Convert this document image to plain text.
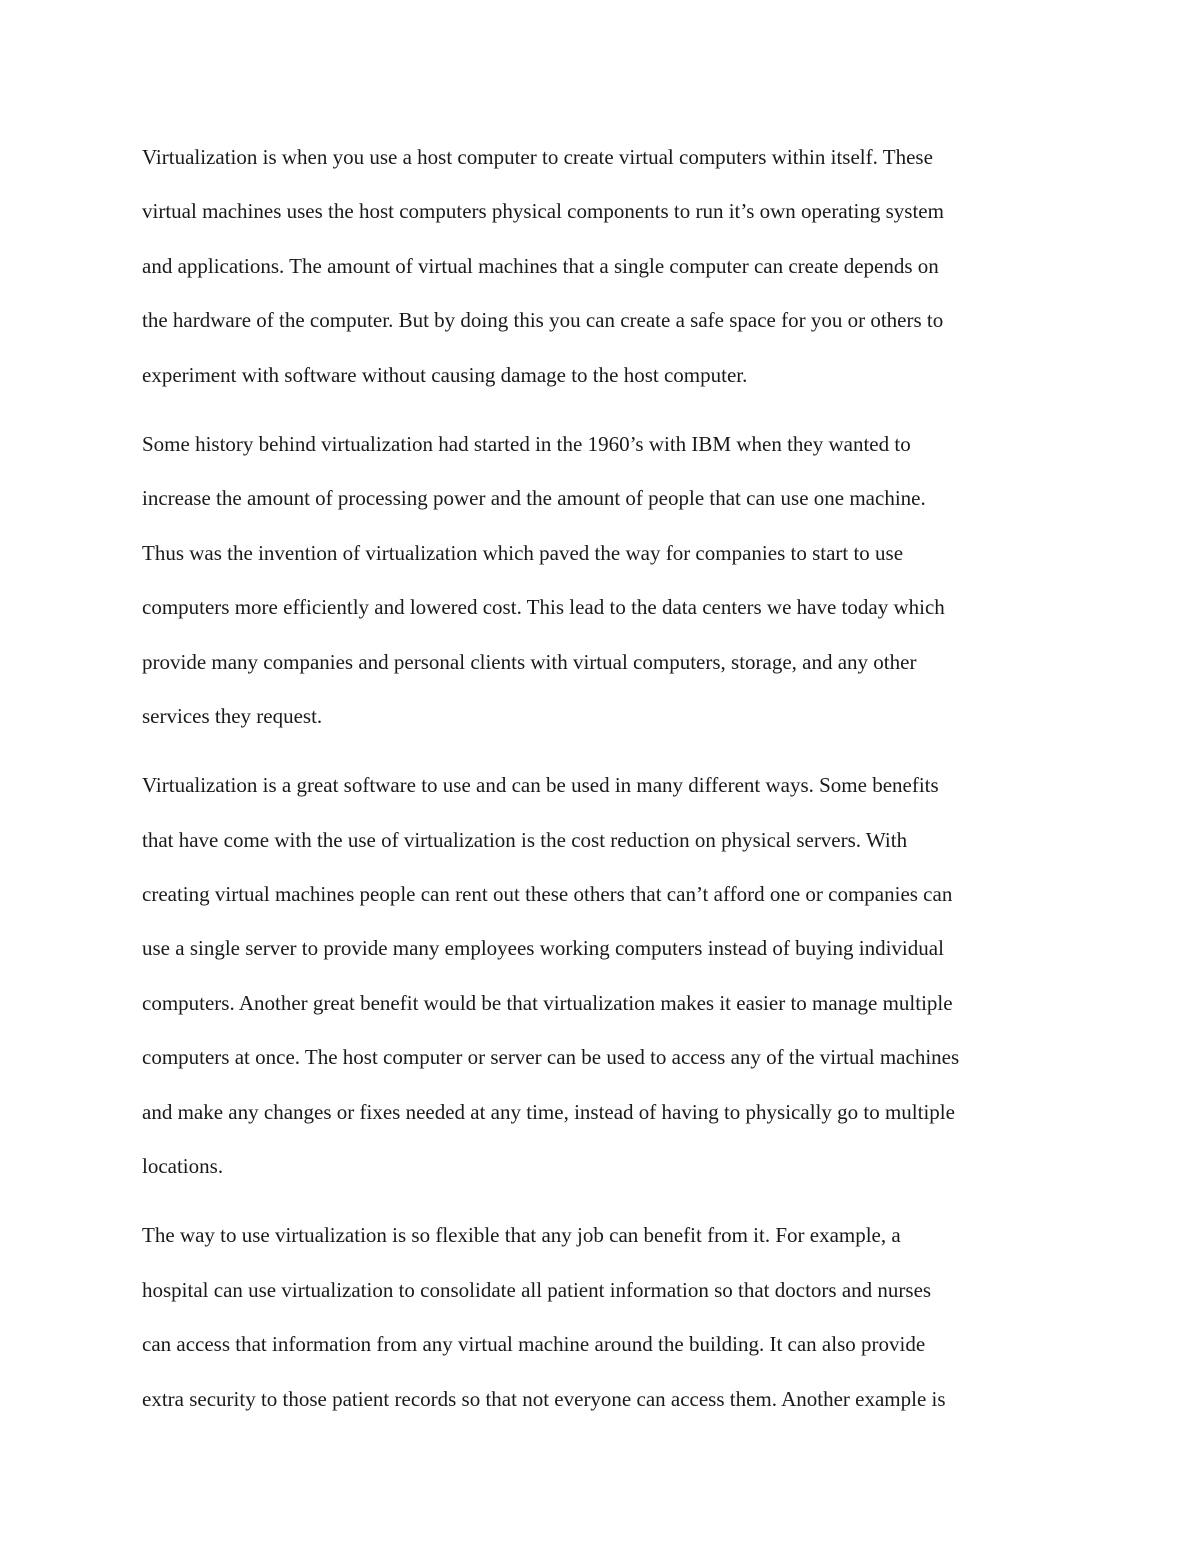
Virtualization is when you use a host computer to create virtual computers within itself. These
virtual machines uses the host computers physical components to run it’s own operating system
and applications. The amount of virtual machines that a single computer can create depends on
the hardware of the computer. But by doing this you can create a safe space for you or others to
experiment with software without causing damage to the host computer.
Some history behind virtualization had started in the 1960’s with IBM when they wanted to
increase the amount of processing power and the amount of people that can use one machine.
Thus was the invention of virtualization which paved the way for companies to start to use
computers more efficiently and lowered cost. This lead to the data centers we have today which
provide many companies and personal clients with virtual computers, storage, and any other
services they request.
Virtualization is a great software to use and can be used in many different ways. Some benefits
that have come with the use of virtualization is the cost reduction on physical servers. With
creating virtual machines people can rent out these others that can’t afford one or companies can
use a single server to provide many employees working computers instead of buying individual
computers. Another great benefit would be that virtualization makes it easier to manage multiple
computers at once. The host computer or server can be used to access any of the virtual machines
and make any changes or fixes needed at any time, instead of having to physically go to multiple
locations.
The way to use virtualization is so flexible that any job can benefit from it. For example, a
hospital can use virtualization to consolidate all patient information so that doctors and nurses
can access that information from any virtual machine around the building. It can also provide
extra security to those patient records so that not everyone can access them. Another example is
